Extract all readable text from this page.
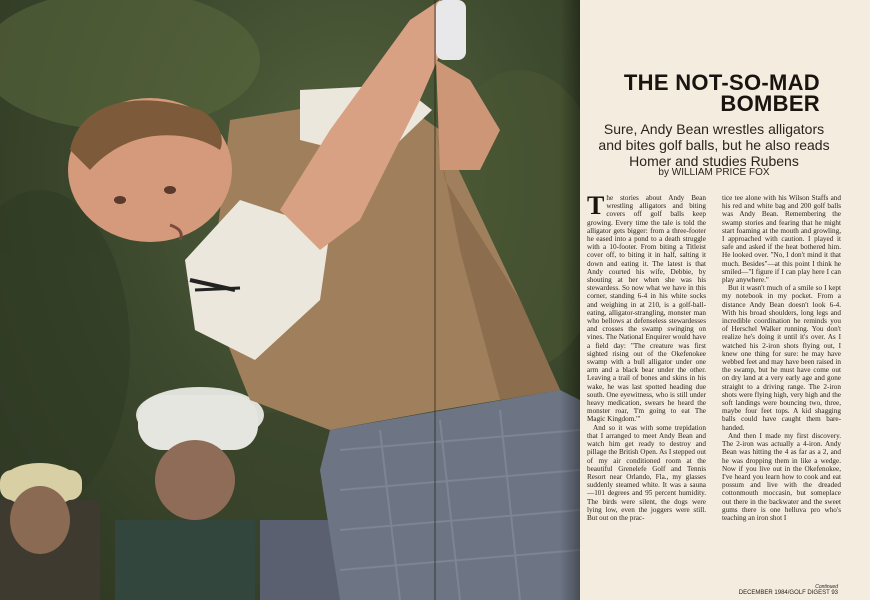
THE NOT-SO-MAD BOMBER
Sure, Andy Bean wrestles alligators and bites golf balls, but he also reads Homer and studies Rubens
by WILLIAM PRICE FOX

The stories about Andy Bean wrestling alligators and biting covers off golf balls keep growing. Every time the tale is told the alligator gets bigger: from a three-footer he eased into a pond to a death struggle with a 10-footer. From biting a Titleist cover off, to biting it in half, salting it down and eating it. The latest is that Andy courted his wife, Debbie, by shouting at her when she was his stewardess. So now what we have in this corner, standing 6-4 in his white socks and weighing in at 210, is a golf-ball-eating, alligator-strangling, monster man who bellows at defenseless stewardesses and crosses the swamp swinging on vines. The National Enquirer would have a field day: "The creature was first sighted rising out of the Okefenokee swamp with a bull alligator under one arm and a black bear under the other. Leaving a trail of bones and skins in his wake, he was last spotted heading due south. One eyewitness, who is still under heavy medication, swears he heard the monster roar, 'I'm going to eat The Magic Kingdom.'"

And so it was with some trepidation that I arranged to meet Andy Bean and watch him get ready to destroy and pillage the British Open. As I stepped out of my air conditioned room at the beautiful Grenelefe Golf and Tennis Resort near Orlando, Fla., my glasses suddenly steamed white. It was a sauna—101 degrees and 95 percent humidity. The birds were silent, the dogs were lying low, even the joggers were still. But out on the prac-

tice tee alone with his Wilson Staffs and his red and white bag and 200 golf balls was Andy Bean. Remembering the swamp stories and fearing that he might start foaming at the mouth and growling, I approached with caution. I played it safe and asked if the heat bothered him. He looked over. "No, I don't mind it that much. Besides"—at this point I think he smiled—"I figure if I can play here I can play anywhere."

But it wasn't much of a smile so I kept my notebook in my pocket. From a distance Andy Bean doesn't look 6-4. With his broad shoulders, long legs and incredible coordination he reminds you of Herschel Walker running. You don't realize he's doing it until it's over. As I watched his 2-iron shots flying out, I knew one thing for sure: he may have webbed feet and may have been raised in the swamp, but he must have come out on dry land at a very early age and gone straight to a driving range. The 2-iron shots were flying high, very high and the soft landings were bouncing two, three, maybe four feet tops. A kid shagging balls could have caught them bare-handed.

And then I made my first discovery. The 2-iron was actually a 4-iron. Andy Bean was hitting the 4 as far as a 2, and he was dropping them in like a wedge. Now if you live out in the Okefenokee, I've heard you learn how to cook and eat possum and live with the dreaded cottonmouth moccasin, but someplace out there in the backwater and the sweet gums there is one helluva pro who's teaching an iron shot I

Continued
DECEMBER 1984/GOLF DIGEST 93
